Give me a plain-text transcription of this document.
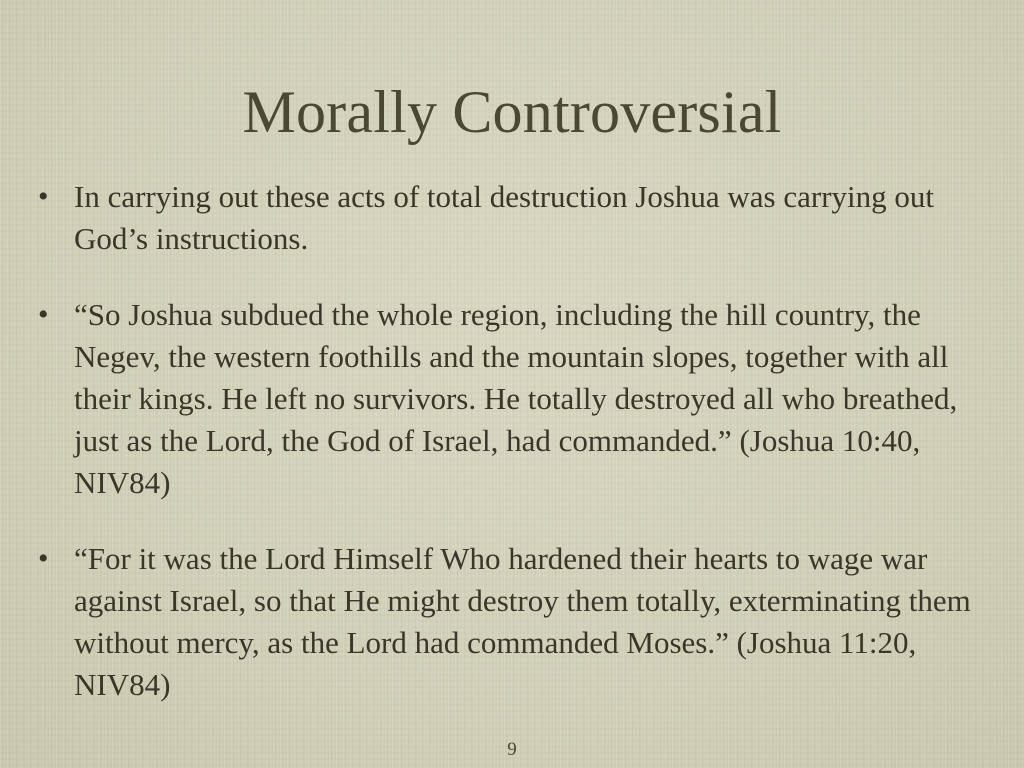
Morally Controversial
• In carrying out these acts of total destruction Joshua was carrying out God’s instructions.
• “So Joshua subdued the whole region, including the hill country, the Negev, the western foothills and the mountain slopes, together with all their kings. He left no survivors. He totally destroyed all who breathed, just as the Lord, the God of Israel, had commanded.” (Joshua 10:40, NIV84)
• “For it was the Lord Himself Who hardened their hearts to wage war against Israel, so that He might destroy them totally, exterminating them without mercy, as the Lord had commanded Moses.” (Joshua 11:20, NIV84)
9
